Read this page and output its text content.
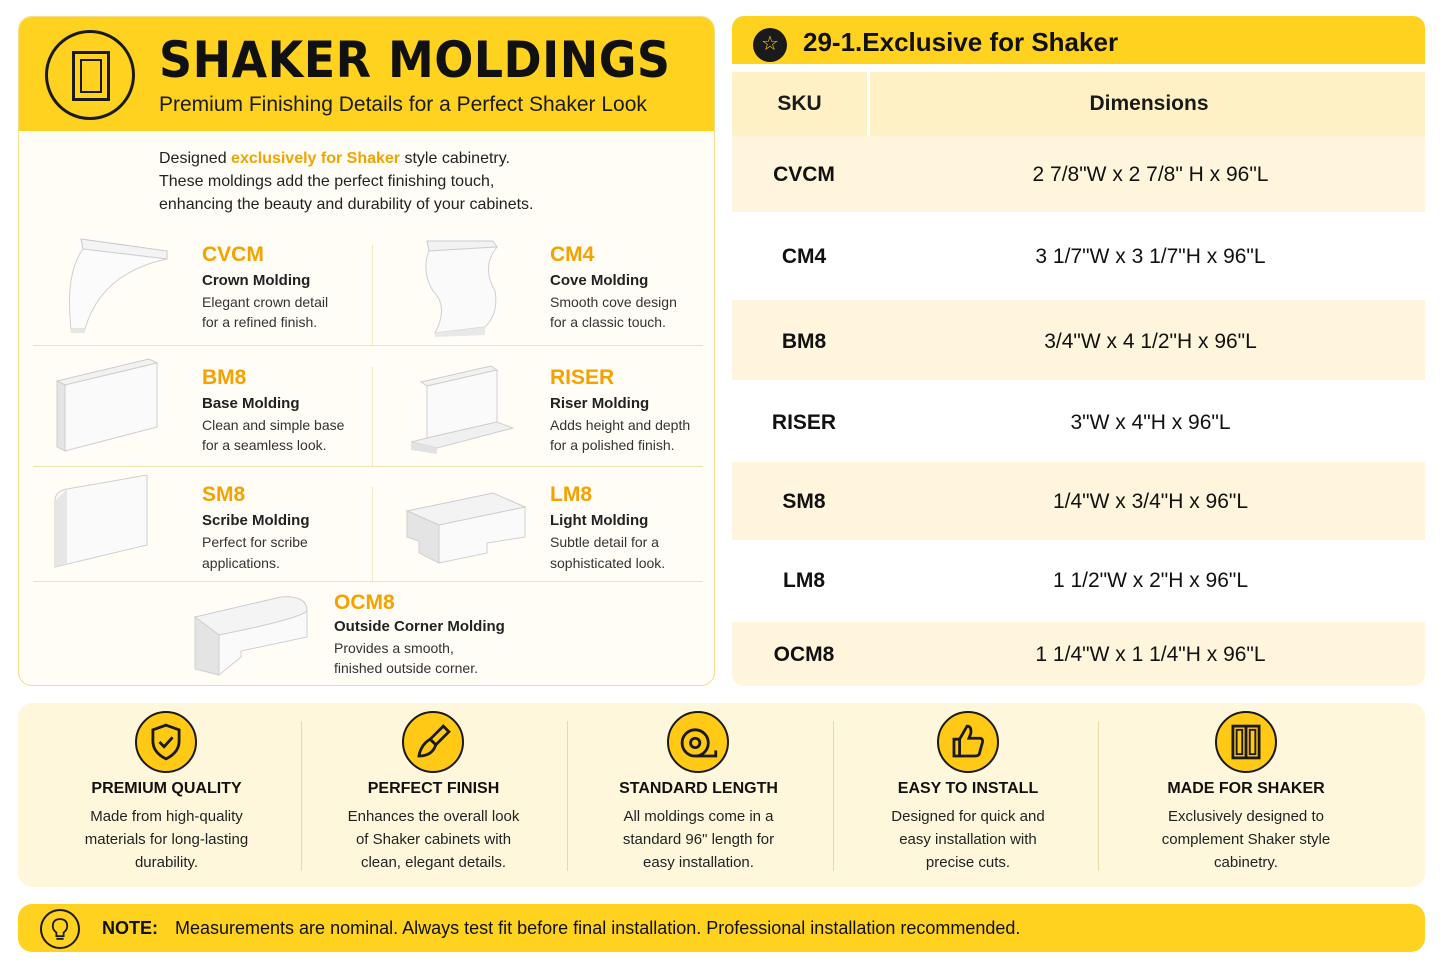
SHAKER MOLDINGS
Premium Finishing Details for a Perfect Shaker Look
Designed exclusively for Shaker style cabinetry.
These moldings add the perfect finishing touch,
enhancing the beauty and durability of your cabinets.
CVCM
Crown Molding
Elegant crown detail
for a refined finish.
CM4
Cove Molding
Smooth cove design
for a classic touch.
BM8
Base Molding
Clean and simple base
for a seamless look.
RISER
Riser Molding
Adds height and depth
for a polished finish.
SM8
Scribe Molding
Perfect for scribe
applications.
LM8
Light Molding
Subtle detail for a
sophisticated look.
OCM8
Outside Corner Molding
Provides a smooth,
finished outside corner.
☆ 29-1.Exclusive for Shaker
SKU	Dimensions
CVCM	2 7/8"W x 2 7/8" H x 96"L
CM4	3 1/7"W x 3 1/7"H x 96"L
BM8	3/4"W x 4 1/2"H x 96"L
RISER	3"W x 4"H x 96"L
SM8	1/4"W x 3/4"H x 96"L
LM8	1 1/2"W x 2"H x 96"L
OCM8	1 1/4"W x 1 1/4"H x 96"L
PREMIUM QUALITY
Made from high-quality
materials for long-lasting
durability.
PERFECT FINISH
Enhances the overall look
of Shaker cabinets with
clean, elegant details.
STANDARD LENGTH
All moldings come in a
standard 96" length for
easy installation.
EASY TO INSTALL
Designed for quick and
easy installation with
precise cuts.
MADE FOR SHAKER
Exclusively designed to
complement Shaker style
cabinetry.
NOTE: Measurements are nominal. Always test fit before final installation. Professional installation recommended.
